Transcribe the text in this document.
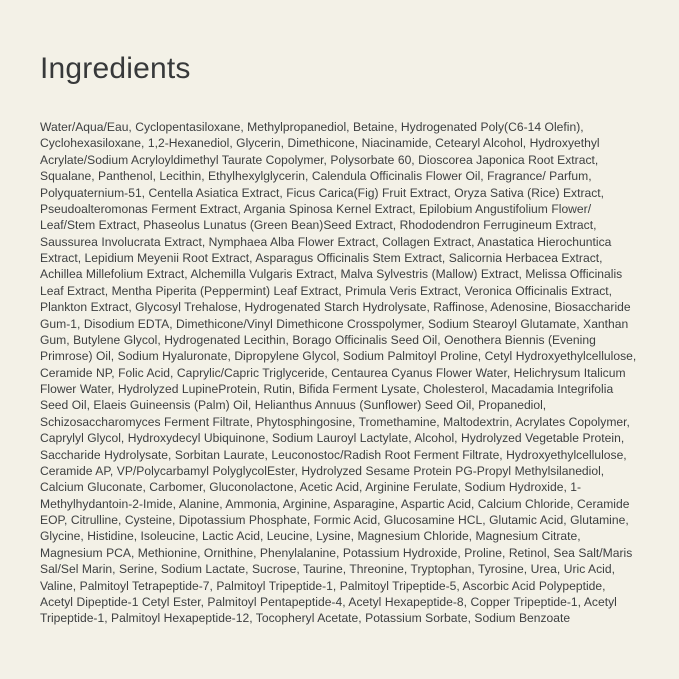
Ingredients
Water/Aqua/Eau, Cyclopentasiloxane, Methylpropanediol, Betaine, Hydrogenated Poly(C6-14 Olefin), Cyclohexasiloxane, 1,2-Hexanediol, Glycerin, Dimethicone, Niacinamide, Cetearyl Alcohol, Hydroxyethyl Acrylate/Sodium Acryloyldimethyl Taurate Copolymer, Polysorbate 60, Dioscorea Japonica Root Extract, Squalane, Panthenol, Lecithin, Ethylhexylglycerin, Calendula Officinalis Flower Oil, Fragrance/ Parfum, Polyquaternium-51, Centella Asiatica Extract, Ficus Carica(Fig) Fruit Extract, Oryza Sativa (Rice) Extract, Pseudoalteromonas Ferment Extract, Argania Spinosa Kernel Extract, Epilobium Angustifolium Flower/ Leaf/Stem Extract, Phaseolus Lunatus (Green Bean)Seed Extract, Rhododendron Ferrugineum Extract, Saussurea Involucrata Extract, Nymphaea Alba Flower Extract, Collagen Extract, Anastatica Hierochuntica Extract, Lepidium Meyenii Root Extract, Asparagus Officinalis Stem Extract, Salicornia Herbacea Extract, Achillea Millefolium Extract, Alchemilla Vulgaris Extract, Malva Sylvestris (Mallow) Extract, Melissa Officinalis Leaf Extract, Mentha Piperita (Peppermint) Leaf Extract, Primula Veris Extract, Veronica Officinalis Extract, Plankton Extract, Glycosyl Trehalose, Hydrogenated Starch Hydrolysate, Raffinose, Adenosine, Biosaccharide Gum-1, Disodium EDTA, Dimethicone/Vinyl Dimethicone Crosspolymer, Sodium Stearoyl Glutamate, Xanthan Gum, Butylene Glycol, Hydrogenated Lecithin, Borago Officinalis Seed Oil, Oenothera Biennis (Evening Primrose) Oil, Sodium Hyaluronate, Dipropylene Glycol, Sodium Palmitoyl Proline, Cetyl Hydroxyethylcellulose, Ceramide NP, Folic Acid, Caprylic/Capric Triglyceride, Centaurea Cyanus Flower Water, Helichrysum Italicum Flower Water, Hydrolyzed LupineProtein, Rutin, Bifida Ferment Lysate, Cholesterol, Macadamia Integrifolia Seed Oil, Elaeis Guineensis (Palm) Oil, Helianthus Annuus (Sunflower) Seed Oil, Propanediol, Schizosaccharomyces Ferment Filtrate, Phytosphingosine, Tromethamine, Maltodextrin, Acrylates Copolymer, Caprylyl Glycol, Hydroxydecyl Ubiquinone, Sodium Lauroyl Lactylate, Alcohol, Hydrolyzed Vegetable Protein, Saccharide Hydrolysate, Sorbitan Laurate, Leuconostoc/Radish Root Ferment Filtrate, Hydroxyethylcellulose, Ceramide AP, VP/Polycarbamyl PolyglycolEster, Hydrolyzed Sesame Protein PG-Propyl Methylsilanediol, Calcium Gluconate, Carbomer, Gluconolactone, Acetic Acid, Arginine Ferulate, Sodium Hydroxide, 1-Methylhydantoin-2-Imide, Alanine, Ammonia, Arginine, Asparagine, Aspartic Acid, Calcium Chloride, Ceramide EOP, Citrulline, Cysteine, Dipotassium Phosphate, Formic Acid, Glucosamine HCL, Glutamic Acid, Glutamine, Glycine, Histidine, Isoleucine, Lactic Acid, Leucine, Lysine, Magnesium Chloride, Magnesium Citrate, Magnesium PCA, Methionine, Ornithine, Phenylalanine, Potassium Hydroxide, Proline, Retinol, Sea Salt/Maris Sal/Sel Marin, Serine, Sodium Lactate, Sucrose, Taurine, Threonine, Tryptophan, Tyrosine, Urea, Uric Acid, Valine, Palmitoyl Tetrapeptide-7, Palmitoyl Tripeptide-1, Palmitoyl Tripeptide-5, Ascorbic Acid Polypeptide, Acetyl Dipeptide-1 Cetyl Ester, Palmitoyl Pentapeptide-4, Acetyl Hexapeptide-8, Copper Tripeptide-1, Acetyl Tripeptide-1, Palmitoyl Hexapeptide-12, Tocopheryl Acetate, Potassium Sorbate, Sodium Benzoate
